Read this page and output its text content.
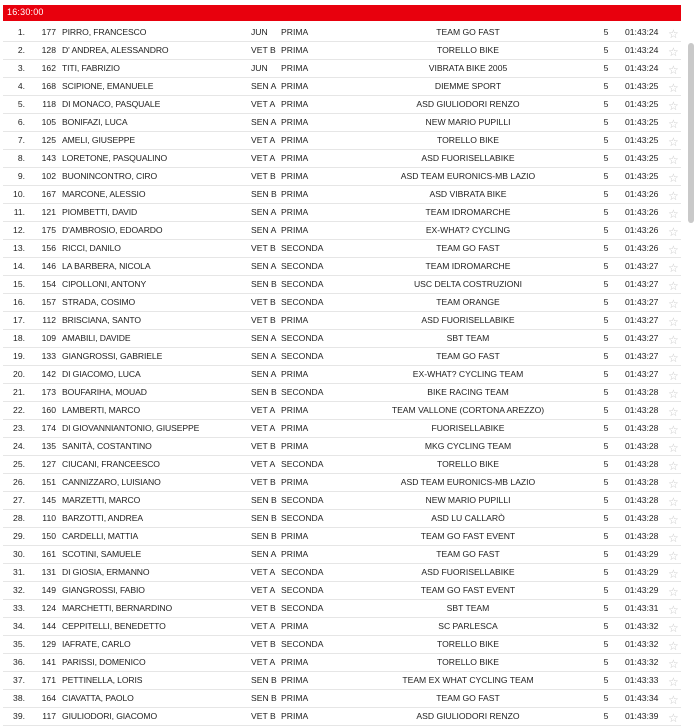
16:30:00
1.	177 PIRRO, FRANCESCO	JUN PRIMA	TEAM GO FAST	5	01:43:24 ☆
2.	128 D' ANDREA, ALESSANDRO	VET B PRIMA	TORELLO BIKE	5	01:43:24 ☆
3.	162 TITI, FABRIZIO	JUN PRIMA	VIBRATA BIKE 2005	5	01:43:24 ☆
4.	168 SCIPIONE, EMANUELE	SEN A PRIMA	DIEMME SPORT	5	01:43:25 ☆
5.	118 DI MONACO, PASQUALE	VET A PRIMA	ASD GIULIODORI RENZO	5	01:43:25 ☆
6.	105 BONIFAZI, LUCA	SEN A PRIMA	NEW MARIO PUPILLI	5	01:43:25 ☆
7.	125 AMELI, GIUSEPPE	VET A PRIMA	TORELLO BIKE	5	01:43:25 ☆
8.	143 LORETONE, PASQUALINO	VET A PRIMA	ASD FUORISELLABIKE	5	01:43:25 ☆
9.	102 BUONINCONTRO, CIRO	VET B PRIMA	ASD TEAM EURONICS-MB LAZIO	5	01:43:25 ☆
10.	167 MARCONE, ALESSIO	SEN B PRIMA	ASD VIBRATA BIKE	5	01:43:26 ☆
11.	121 PIOMBETTI, DAVID	SEN A PRIMA	TEAM IDROMARCHE	5	01:43:26 ☆
12.	175 D'AMBROSIO, EDOARDO	SEN A PRIMA	EX-WHAT? CYCLING	5	01:43:26 ☆
13.	156 RICCI, DANILO	VET B SECONDA	TEAM GO FAST	5	01:43:26 ☆
14.	146 LA BARBERA, NICOLA	SEN A SECONDA	TEAM IDROMARCHE	5	01:43:27 ☆
15.	154 CIPOLLONI, ANTONY	SEN B SECONDA	USC DELTA COSTRUZIONI	5	01:43:27 ☆
16.	157 STRADA, COSIMO	VET B SECONDA	TEAM ORANGE	5	01:43:27 ☆
17.	112 BRISCIANA, SANTO	VET B PRIMA	ASD FUORISELLABIKE	5	01:43:27 ☆
18.	109 AMABILI, DAVIDE	SEN A SECONDA	SBT TEAM	5	01:43:27 ☆
19.	133 GIANGROSSI, GABRIELE	SEN A SECONDA	TEAM GO FAST	5	01:43:27 ☆
20.	142 DI GIACOMO, LUCA	SEN A PRIMA	EX-WHAT? CYCLING TEAM	5	01:43:27 ☆
21.	173 BOUFARIHA, MOUAD	SEN B SECONDA	BIKE RACING TEAM	5	01:43:28 ☆
22.	160 LAMBERTI, MARCO	VET A PRIMA	TEAM VALLONE (CORTONA AREZZO)	5	01:43:28 ☆
23.	174 DI GIOVANNIANTONIO, GIUSEPPE	VET A PRIMA	FUORISELLABIKE	5	01:43:28 ☆
24.	135 SANITÀ, COSTANTINO	VET B PRIMA	MKG CYCLING TEAM	5	01:43:28 ☆
25.	127 CIUCANI, FRANCEESCO	VET A SECONDA	TORELLO BIKE	5	01:43:28 ☆
26.	151 CANNIZZARO, LUISIANO	VET B PRIMA	ASD TEAM EURONICS-MB LAZIO	5	01:43:28 ☆
27.	145 MARZETTI, MARCO	SEN B SECONDA	NEW MARIO PUPILLI	5	01:43:28 ☆
28.	110 BARZOTTI, ANDREA	SEN B SECONDA	ASD LU CALLARÒ	5	01:43:28 ☆
29.	150 CARDELLI, MATTIA	SEN B PRIMA	TEAM GO FAST EVENT	5	01:43:28 ☆
30.	161 SCOTINI, SAMUELE	SEN A PRIMA	TEAM GO FAST	5	01:43:29 ☆
31.	131 DI GIOSIA, ERMANNO	VET A SECONDA	ASD FUORISELLABIKE	5	01:43:29 ☆
32.	149 GIANGROSSI, FABIO	VET A SECONDA	TEAM GO FAST EVENT	5	01:43:29 ☆
33.	124 MARCHETTI, BERNARDINO	VET B SECONDA	SBT TEAM	5	01:43:31 ☆
34.	144 CEPPITELLI, BENEDETTO	VET A PRIMA	SC PARLESCA	5	01:43:32 ☆
35.	129 IAFRATE, CARLO	VET B SECONDA	TORELLO BIKE	5	01:43:32 ☆
36.	141 PARISSI, DOMENICO	VET A PRIMA	TORELLO BIKE	5	01:43:32 ☆
37.	171 PETTINELLA, LORIS	SEN B PRIMA	TEAM EX WHAT CYCLING TEAM	5	01:43:33 ☆
38.	164 CIAVATTA, PAOLO	SEN B PRIMA	TEAM GO FAST	5	01:43:34 ☆
39.	117 GIULIODORI, GIACOMO	VET B PRIMA	ASD GIULIODORI RENZO	5	01:43:39 ☆
